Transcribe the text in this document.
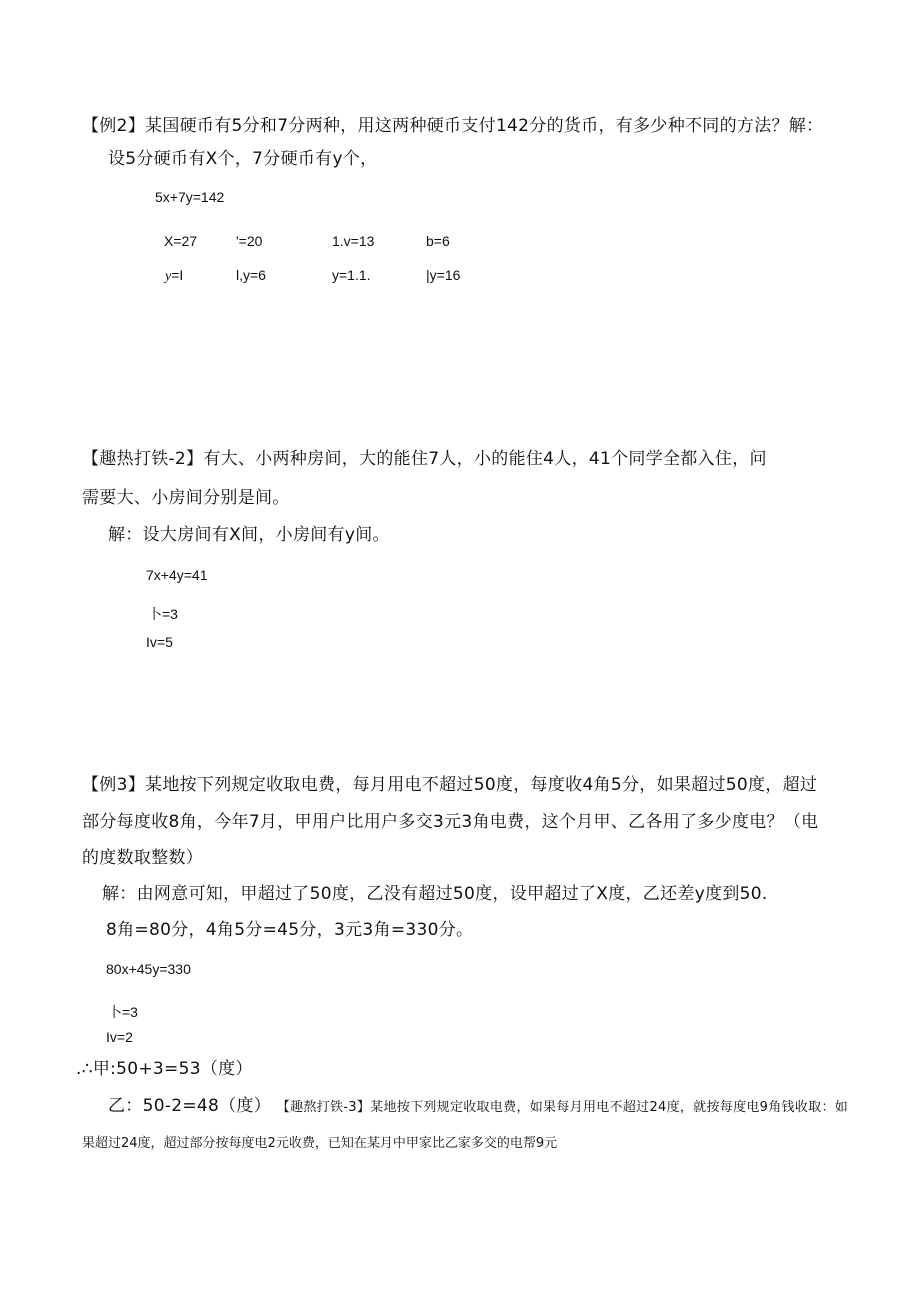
【例2】某国硬币有5分和7分两种，用这两种硬币支付142分的货币，有多少种不同的方法？解：
设5分硬币有X个，7分硬币有y个，
5x+7y=142
X=27	'=20	1.v=13	b=6
y=I	l,y=6	y=1.1.	|y=16
【趣热打铁-2】有大、小两种房间，大的能住7人，小的能住4人，41个同学全都入住，问
需要大、小房间分别是间。
解：设大房间有X间，小房间有y间。
7x+4y=41
卜=3
Iv=5
【例3】某地按下列规定收取电费，每月用电不超过50度，每度收4角5分，如果超过50度，超过
部分每度收8角，今年7月，甲用户比用户多交3元3角电费，这个月甲、乙各用了多少度电？（电
的度数取整数）
解：由网意可知，甲超过了50度，乙没有超过50度，设甲超过了X度，乙还差y度到50.
8角=80分，4角5分=45分，3元3角=330分。
80x+45y=330
卜=3
Iv=2
.∴甲:50+3=53（度）
乙：50-2=48（度） 【趣熬打铁-3】某地按下列规定收取电费，如果每月用电不超过24度，就按每度电9角钱收取：如
果超过24度，超过部分按每度电2元收费，已知在某月中甲家比乙家多交的电帮9元
